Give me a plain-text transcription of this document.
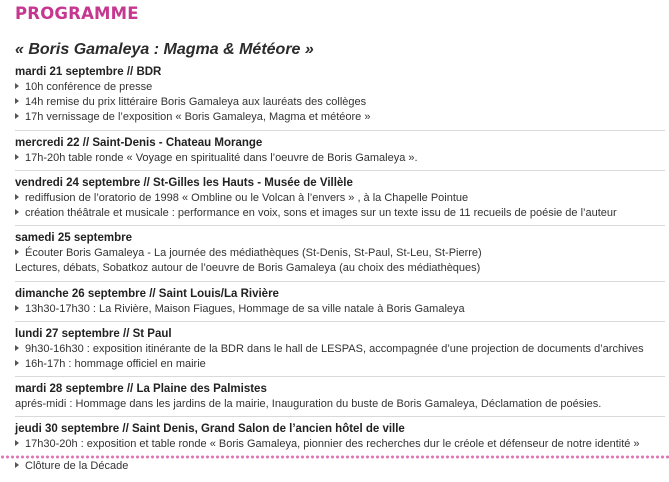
PROGRAMME
« Boris Gamaleya : Magma & Météore »
mardi 21 septembre // BDR
10h conférence de presse
14h remise du prix littéraire Boris Gamaleya aux lauréats des collèges
17h vernissage de l’exposition « Boris Gamaleya, Magma et météore »
mercredi 22 // Saint-Denis - Chateau Morange
17h-20h table ronde « Voyage en spiritualité dans l’oeuvre de Boris Gamaleya ».
vendredi 24 septembre // St-Gilles les Hauts - Musée de Villèle
rediffusion de l’oratorio de 1998 « Ombline ou le Volcan à l’envers » , à la Chapelle Pointue
création théâtrale et musicale : performance en voix, sons et images sur un texte issu de 11 recueils de poésie de l’auteur
samedi 25 septembre
Écouter Boris Gamaleya - La journée des médiathèques (St-Denis, St-Paul, St-Leu, St-Pierre)
Lectures, débats, Sobatkoz autour de l’oeuvre de Boris Gamaleya (au choix des médiathèques)
dimanche 26 septembre // Saint Louis/La Rivière
13h30-17h30 : La Rivière, Maison Fiagues, Hommage de sa ville natale à Boris Gamaleya
lundi 27 septembre // St Paul
9h30-16h30 : exposition itinérante de la BDR dans le hall de LESPAS, accompagnée d’une projection de documents d’archives
16h-17h : hommage officiel en mairie
mardi 28 septembre // La Plaine des Palmistes
aprés-midi : Hommage dans les jardins de la mairie, Inauguration du buste de Boris Gamaleya, Déclamation de poésies.
jeudi 30 septembre // Saint Denis, Grand Salon de l’ancien hôtel de ville
17h30-20h : exposition et table ronde « Boris Gamaleya, pionnier des recherches dur le créole et défenseur de notre identité »
Clôture de la Décade
